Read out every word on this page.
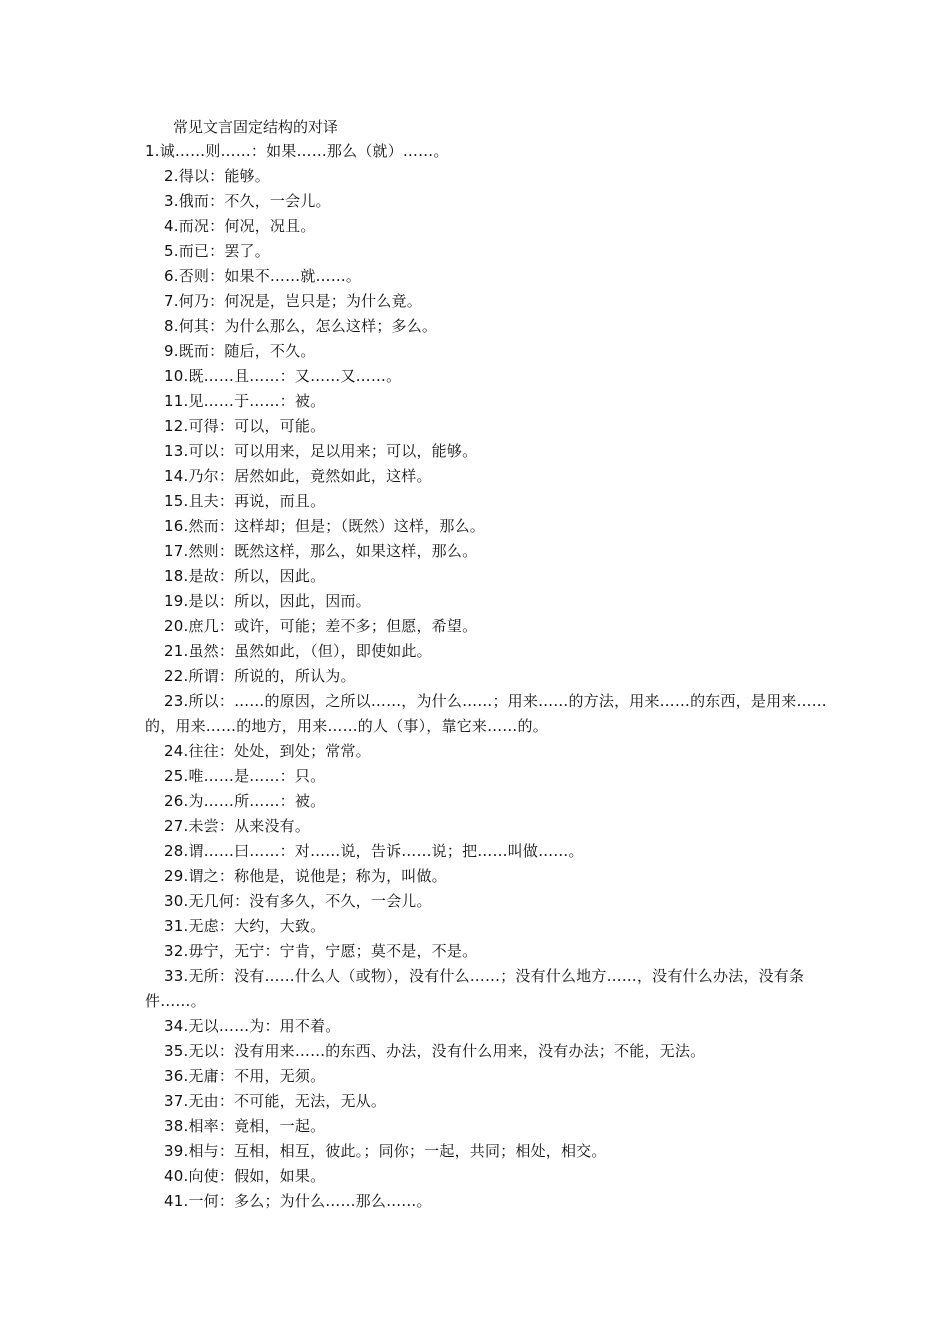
常见文言固定结构的对译
1.诚……则……：如果……那么（就）……。
2.得以：能够。
3.俄而：不久，一会儿。
4.而况：何况，况且。
5.而已：罢了。
6.否则：如果不……就……。
7.何乃：何况是，岂只是；为什么竟。
8.何其：为什么那么，怎么这样；多么。
9.既而：随后，不久。
10.既……且……：又……又……。
11.见……于……：被。
12.可得：可以，可能。
13.可以：可以用来，足以用来；可以，能够。
14.乃尔：居然如此，竟然如此，这样。
15.且夫：再说，而且。
16.然而：这样却；但是；（既然）这样，那么。
17.然则：既然这样，那么，如果这样，那么。
18.是故：所以，因此。
19.是以：所以，因此，因而。
20.庶几：或许，可能；差不多；但愿，希望。
21.虽然：虽然如此，（但），即使如此。
22.所谓：所说的，所认为。
23.所以：……的原因，之所以……，为什么……；用来……的方法，用来……的东西，是用来……的，用来……的地方，用来……的人（事），靠它来……的。
24.往往：处处，到处；常常。
25.唯……是……：只。
26.为……所……：被。
27.未尝：从来没有。
28.谓……曰……：对……说，告诉……说；把……叫做……。
29.谓之：称他是，说他是；称为，叫做。
30.无几何：没有多久，不久，一会儿。
31.无虑：大约，大致。
32.毋宁，无宁：宁肯，宁愿；莫不是，不是。
33.无所：没有……什么人（或物），没有什么……；没有什么地方……，没有什么办法，没有条件……。
34.无以……为：用不着。
35.无以：没有用来……的东西、办法，没有什么用来，没有办法；不能，无法。
36.无庸：不用，无须。
37.无由：不可能，无法，无从。
38.相率：竟相，一起。
39.相与：互相，相互，彼此。；同你；一起，共同；相处，相交。
40.向使：假如，如果。
41.一何：多么；为什么……那么……。
